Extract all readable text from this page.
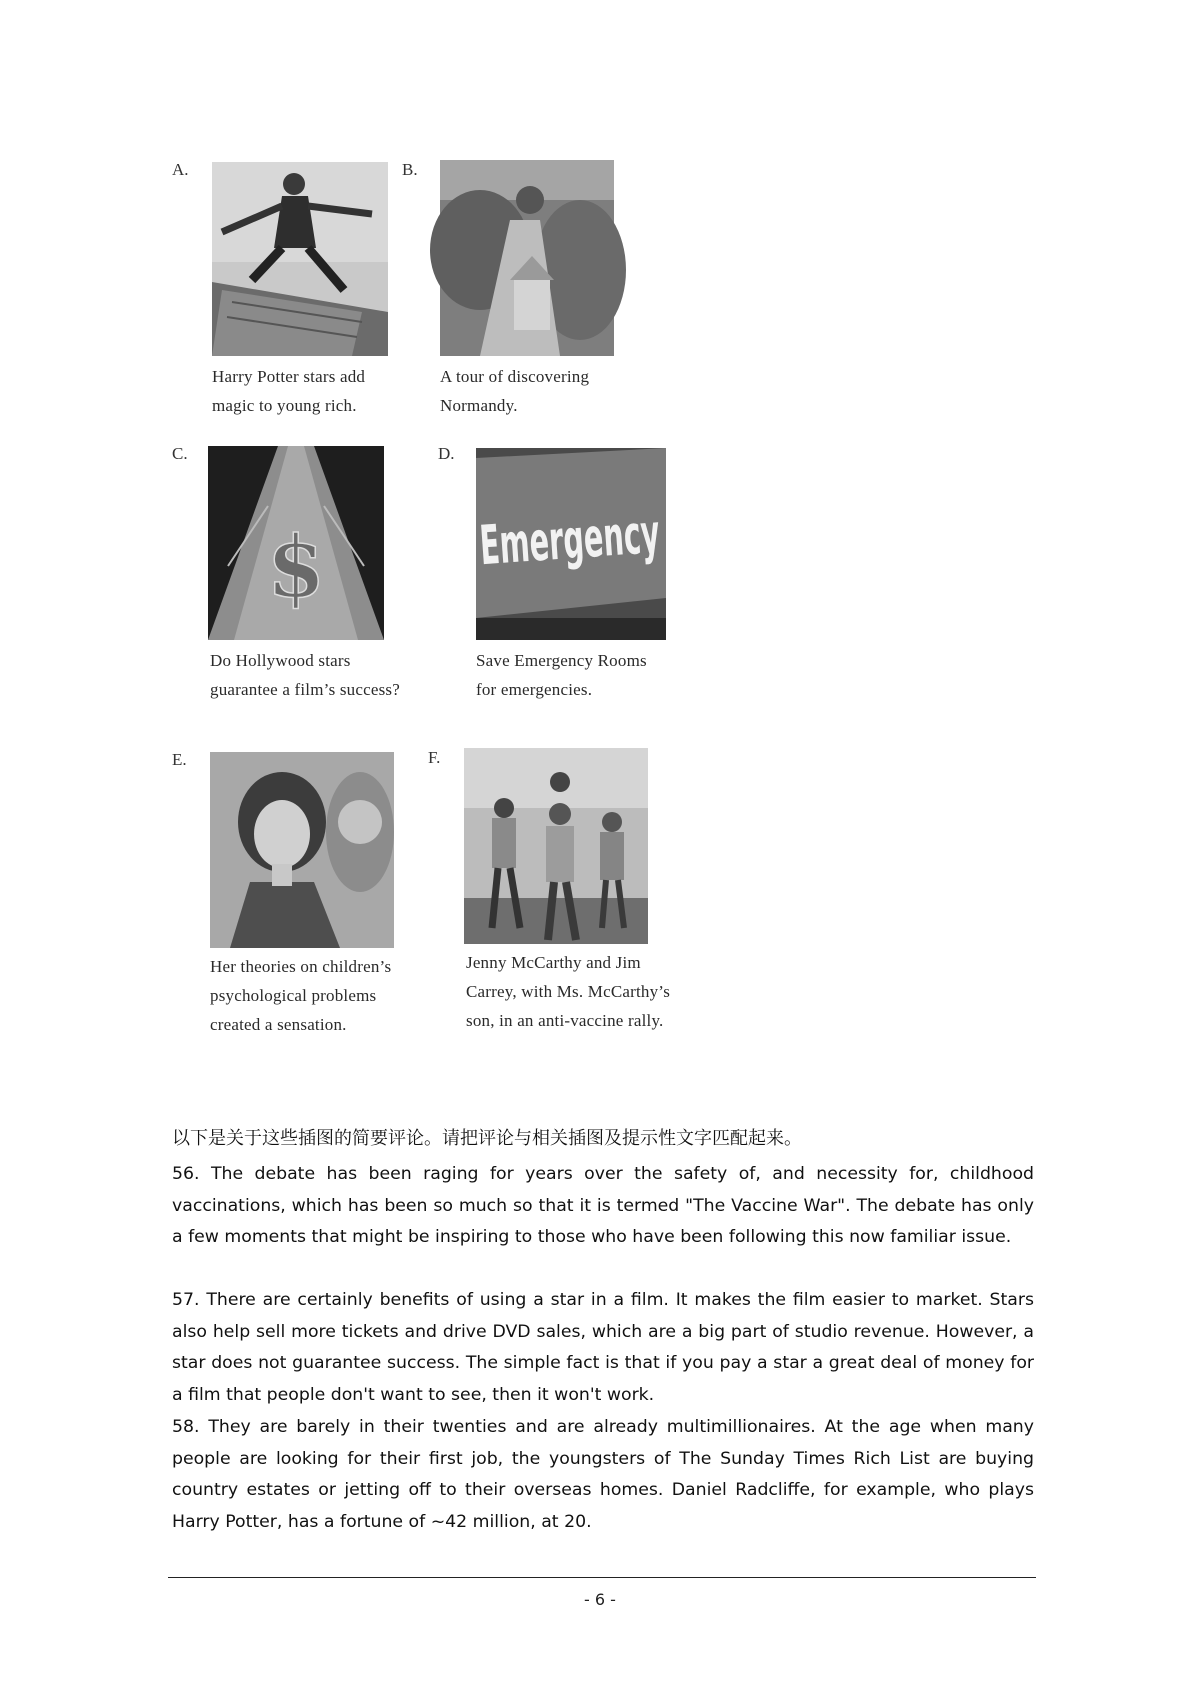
A.
Harry Potter stars add
magic to young rich.
B.
A tour of discovering
Normandy.
C.
$
Do Hollywood stars
guarantee a film’s success?
D.
Emergency
Save Emergency Rooms
for emergencies.
E.
Her theories on children’s
psychological problems
created a sensation.
F.
Jenny McCarthy and Jim
Carrey, with Ms. McCarthy’s
son, in an anti-vaccine rally.
以下是关于这些插图的简要评论。请把评论与相关插图及提示性文字匹配起来。
56. The debate has been raging for years over the safety of, and necessity for, childhood vaccinations, which has been so much so that it is termed "The Vaccine War". The debate has only a few moments that might be inspiring to those who have been following this now familiar issue.
57. There are certainly benefits of using a star in a film. It makes the film easier to market. Stars also help sell more tickets and drive DVD sales, which are a big part of studio revenue. However, a star does not guarantee success. The simple fact is that if you pay a star a great deal of money for a film that people don't want to see, then it won't work.
58. They are barely in their twenties and are already multimillionaires. At the age when many people are looking for their first job, the youngsters of The Sunday Times Rich List are buying country estates or jetting off to their overseas homes. Daniel Radcliffe, for example, who plays Harry Potter, has a fortune of ~42 million, at 20.
- 6 -
